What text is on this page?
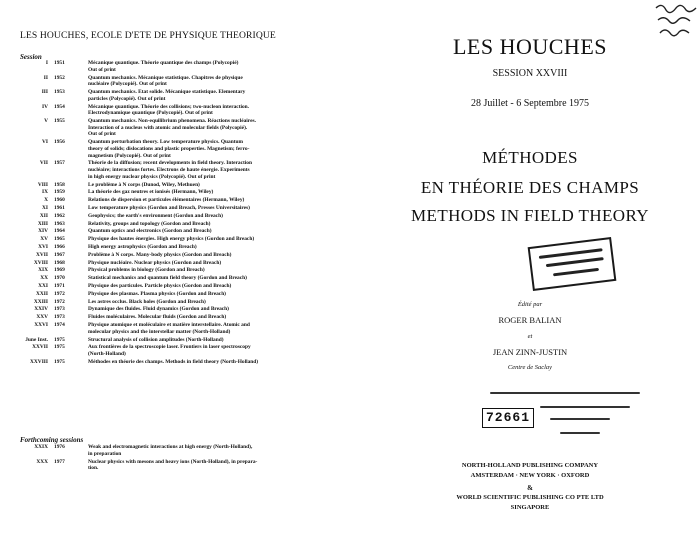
LES HOUCHES, ECOLE D'ETE DE PHYSIQUE THEORIQUE
Session
I 1951	Mécanique quantique. Théorie quantique des champs (Polycopié)
Out of print
II 1952	Quantum mechanics. Mécanique statistique. Chapitres de physique
nucléaire (Polycopié). Out of print
III 1953	Quantum mechanics. Etat solide. Mécanique statistique. Elementary
particles (Polycopié). Out of print
IV 1954	Mécanique quantique. Théorie des collisions; two-nucleon interaction.
Electrodynamique quantique (Polycopié). Out of print
V 1955	Quantum mechanics. Non-equilibrium phenomena. Réactions nucléaires.
Interaction of a nucleus with atomic and molecular fields (Polycopié).
Out of print
VI 1956	Quantum perturbation theory. Low temperature physics. Quantum
theory of solids; dislocations and plastic properties. Magnetism; ferro-
magnetism (Polycopié). Out of print
VII 1957	Théorie de la diffusion; recent developments in field theory. Interaction
nucléaire; interactions fortes. Electrons de haute énergie. Experiments
in high energy nuclear physics (Polycopié). Out of print
VIII 1958	Le problème à N corps (Dunod, Wiley, Methuen)
IX 1959	La théorie des gaz neutres et ionisés (Hermann, Wiley)
X 1960	Relations de dispersion et particules élémentaires (Hermann, Wiley)
XI 1961	Low temperature physics (Gordon and Breach, Presses Universitaires)
XII 1962	Geophysics; the earth's environment (Gordon and Breach)
XIII 1963	Relativity, groups and topology (Gordon and Breach)
XIV 1964	Quantum optics and electronics (Gordon and Breach)
XV 1965	Physique des hautes énergies. High energy physics (Gordon and Breach)
XVI 1966	High energy astrophysics (Gordon and Breach)
XVII 1967	Problème à N corps. Many-body physics (Gordon and Breach)
XVIII 1968	Physique nucléaire. Nuclear physics (Gordon and Breach)
XIX 1969	Physical problems in biology (Gordon and Breach)
XX 1970	Statistical mechanics and quantum field theory (Gordon and Breach)
XXI 1971	Physique des particules. Particle physics (Gordon and Breach)
XXII 1972	Physique des plasmas. Plasma physics (Gordon and Breach)
XXIII 1972	Les astres occlus. Black holes (Gordon and Breach)
XXIV 1973	Dynamique des fluides. Fluid dynamics (Gordon and Breach)
XXV 1973	Fluides moléculaires. Molecular fluids (Gordon and Breach)
XXVI 1974	Physique atomique et moléculaire et matière interstellaire. Atomic and
molecular physics and the interstellar matter (North-Holland)
June Inst. 1975	Structural analysis of collision amplitudes (North-Holland)
XXVII 1975	Aux frontières de la spectroscopie laser. Frontiers in laser spectroscopy
(North-Holland)
XXVIII 1975	Méthodes en théorie des champs. Methods in field theory (North-Holland)
Forthcoming sessions
XXIX 1976	Weak and electromagnetic interactions at high energy (North-Holland),
in preparation
XXX 1977	Nuclear physics with mesons and heavy ions (North-Holland), in prepara-
tion.
LES HOUCHES
SESSION XXVIII
28 Juillet - 6 Septembre 1975
MÉTHODES
EN THÉORIE DES CHAMPS
METHODS IN FIELD THEORY
Édité par
ROGER BALIAN
et
JEAN ZINN-JUSTIN
Centre de Saclay
NORTH-HOLLAND PUBLISHING COMPANY
AMSTERDAM · NEW YORK · OXFORD
&
WORLD SCIENTIFIC PUBLISHING CO PTE LTD
SINGAPORE
72661
